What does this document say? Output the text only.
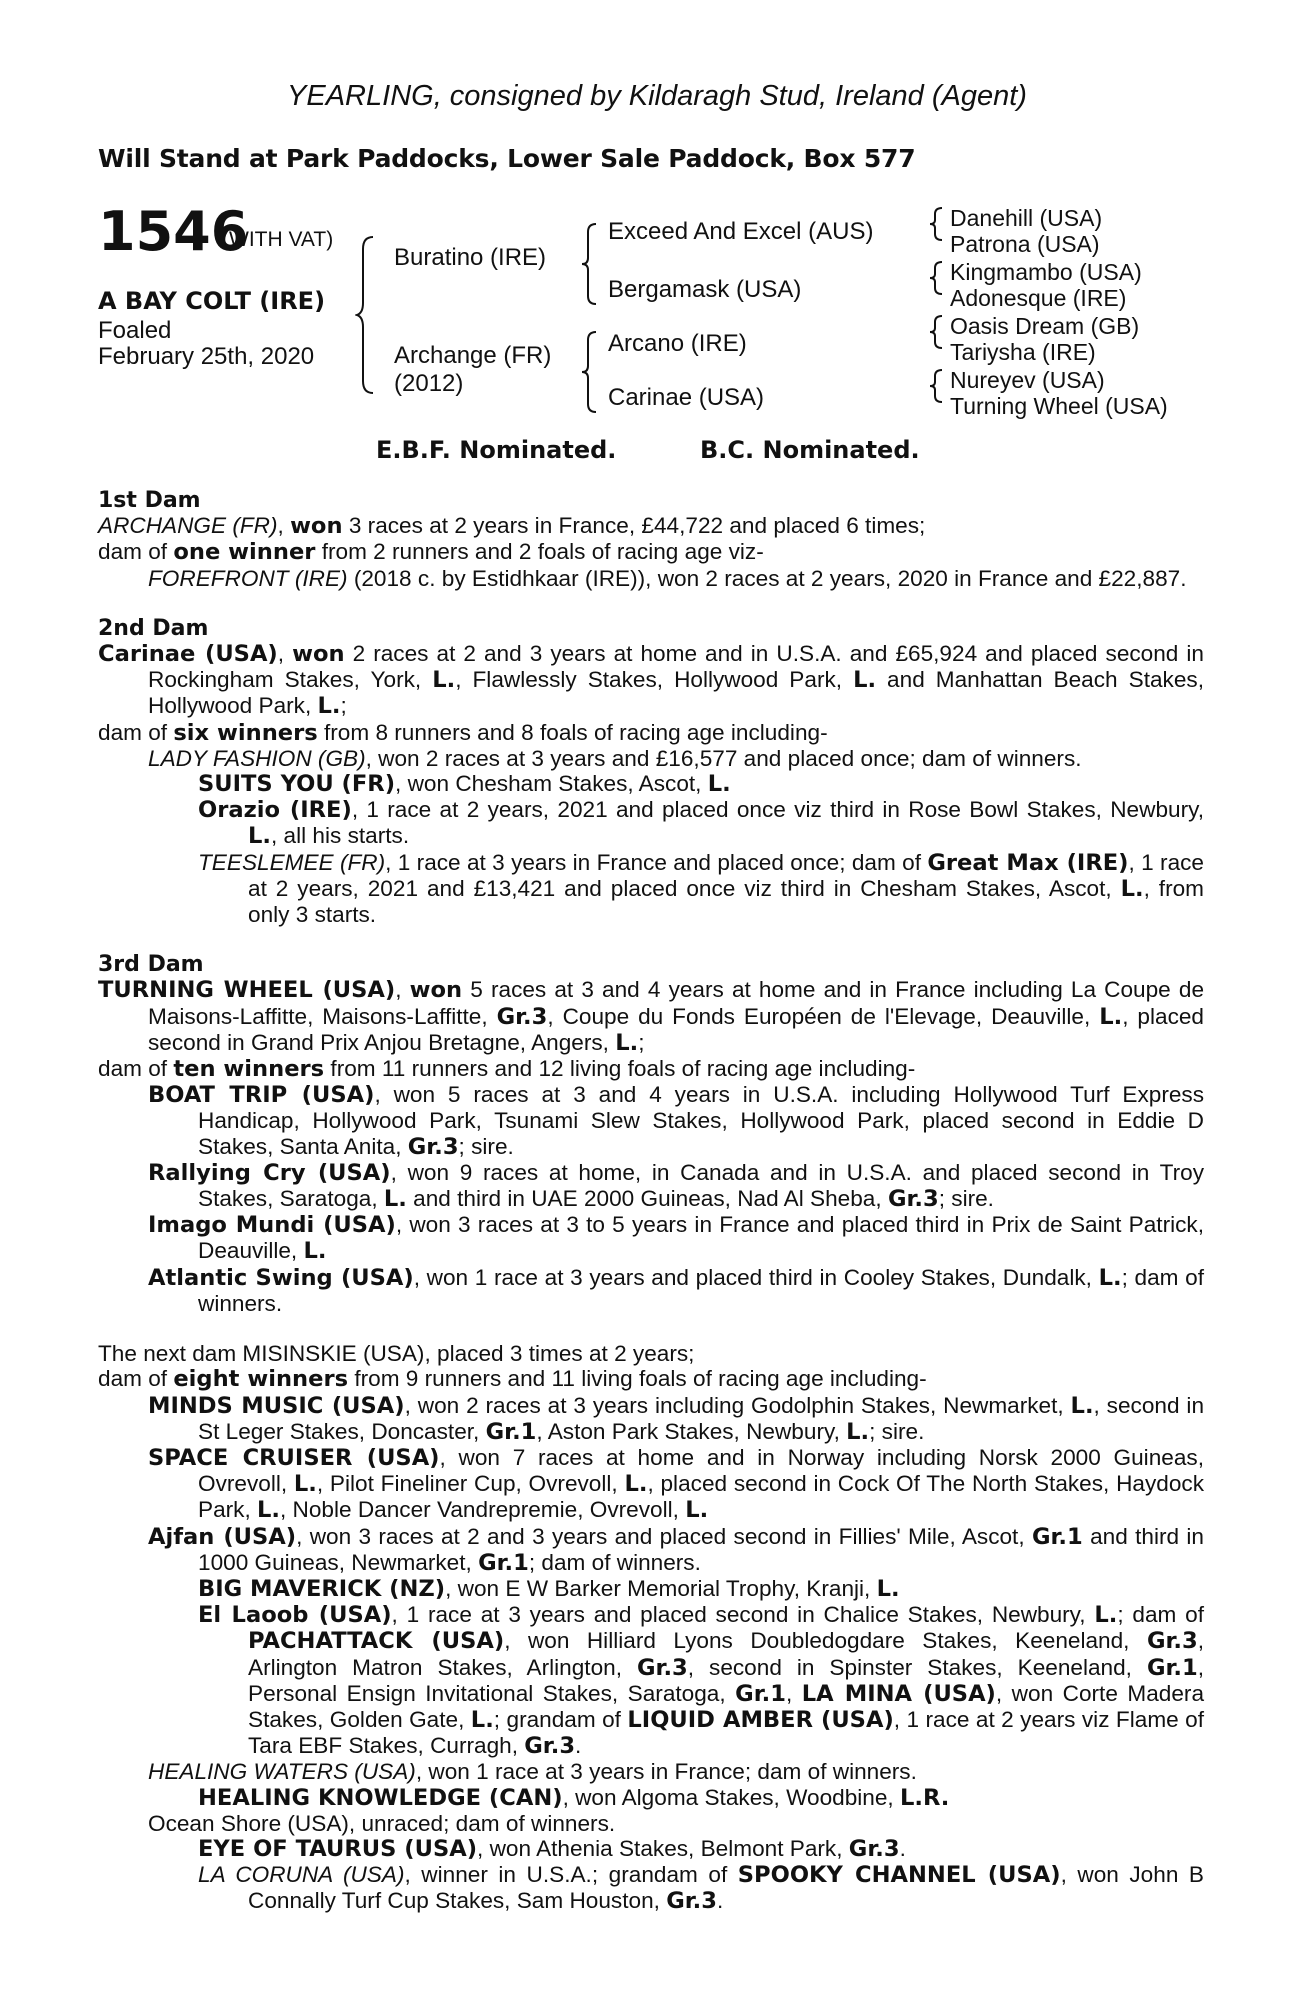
YEARLING, consigned by Kildaragh Stud, Ireland (Agent)
Will Stand at Park Paddocks, Lower Sale Paddock, Box 577
1546
(WITH VAT)
A BAY COLT (IRE)
Foaled
February 25th, 2020
Buratino (IRE)
Archange (FR)
(2012)
Exceed And Excel (AUS)
Bergamask (USA)
Arcano (IRE)
Carinae (USA)
Danehill (USA)
Patrona (USA)
Kingmambo (USA)
Adonesque (IRE)
Oasis Dream (GB)
Tariysha (IRE)
Nureyev (USA)
Turning Wheel (USA)
E.B.F. Nominated.	B.C. Nominated.

1st Dam

ARCHANGE (FR), won 3 races at 2 years in France, £44,722 and placed 6 times;

dam of one winner from 2 runners and 2 foals of racing age viz-

FOREFRONT (IRE) (2018 c. by Estidhkaar (IRE)), won 2 races at 2 years, 2020 in France and £22,887.

2nd Dam

Carinae (USA), won 2 races at 2 and 3 years at home and in U.S.A. and £65,924 and placed second in Rockingham Stakes, York, L., Flawlessly Stakes, Hollywood Park, L. and Manhattan Beach Stakes, Hollywood Park, L.;

dam of six winners from 8 runners and 8 foals of racing age including-

LADY FASHION (GB), won 2 races at 3 years and £16,577 and placed once; dam of winners.

SUITS YOU (FR), won Chesham Stakes, Ascot, L.

Orazio (IRE), 1 race at 2 years, 2021 and placed once viz third in Rose Bowl Stakes, Newbury, L., all his starts.

TEESLEMEE (FR), 1 race at 3 years in France and placed once; dam of Great Max (IRE), 1 race at 2 years, 2021 and £13,421 and placed once viz third in Chesham Stakes, Ascot, L., from only 3 starts.

3rd Dam

TURNING WHEEL (USA), won 5 races at 3 and 4 years at home and in France including La Coupe de Maisons-Laffitte, Maisons-Laffitte, Gr.3, Coupe du Fonds Européen de l'Elevage, Deauville, L., placed second in Grand Prix Anjou Bretagne, Angers, L.;

dam of ten winners from 11 runners and 12 living foals of racing age including-

BOAT TRIP (USA), won 5 races at 3 and 4 years in U.S.A. including Hollywood Turf Express Handicap, Hollywood Park, Tsunami Slew Stakes, Hollywood Park, placed second in Eddie D Stakes, Santa Anita, Gr.3; sire.

Rallying Cry (USA), won 9 races at home, in Canada and in U.S.A. and placed second in Troy Stakes, Saratoga, L. and third in UAE 2000 Guineas, Nad Al Sheba, Gr.3; sire.

Imago Mundi (USA), won 3 races at 3 to 5 years in France and placed third in Prix de Saint Patrick, Deauville, L.

Atlantic Swing (USA), won 1 race at 3 years and placed third in Cooley Stakes, Dundalk, L.; dam of winners.

The next dam MISINSKIE (USA), placed 3 times at 2 years;

dam of eight winners from 9 runners and 11 living foals of racing age including-

MINDS MUSIC (USA), won 2 races at 3 years including Godolphin Stakes, Newmarket, L., second in St Leger Stakes, Doncaster, Gr.1, Aston Park Stakes, Newbury, L.; sire.

SPACE CRUISER (USA), won 7 races at home and in Norway including Norsk 2000 Guineas, Ovrevoll, L., Pilot Fineliner Cup, Ovrevoll, L., placed second in Cock Of The North Stakes, Haydock Park, L., Noble Dancer Vandrepremie, Ovrevoll, L.

Ajfan (USA), won 3 races at 2 and 3 years and placed second in Fillies' Mile, Ascot, Gr.1 and third in 1000 Guineas, Newmarket, Gr.1; dam of winners.

BIG MAVERICK (NZ), won E W Barker Memorial Trophy, Kranji, L.

El Laoob (USA), 1 race at 3 years and placed second in Chalice Stakes, Newbury, L.; dam of PACHATTACK (USA), won Hilliard Lyons Doubledogdare Stakes, Keeneland, Gr.3, Arlington Matron Stakes, Arlington, Gr.3, second in Spinster Stakes, Keeneland, Gr.1, Personal Ensign Invitational Stakes, Saratoga, Gr.1, LA MINA (USA), won Corte Madera Stakes, Golden Gate, L.; grandam of LIQUID AMBER (USA), 1 race at 2 years viz Flame of Tara EBF Stakes, Curragh, Gr.3.

HEALING WATERS (USA), won 1 race at 3 years in France; dam of winners.

HEALING KNOWLEDGE (CAN), won Algoma Stakes, Woodbine, L.R.

Ocean Shore (USA), unraced; dam of winners.

EYE OF TAURUS (USA), won Athenia Stakes, Belmont Park, Gr.3.

LA CORUNA (USA), winner in U.S.A.; grandam of SPOOKY CHANNEL (USA), won John B Connally Turf Cup Stakes, Sam Houston, Gr.3.
